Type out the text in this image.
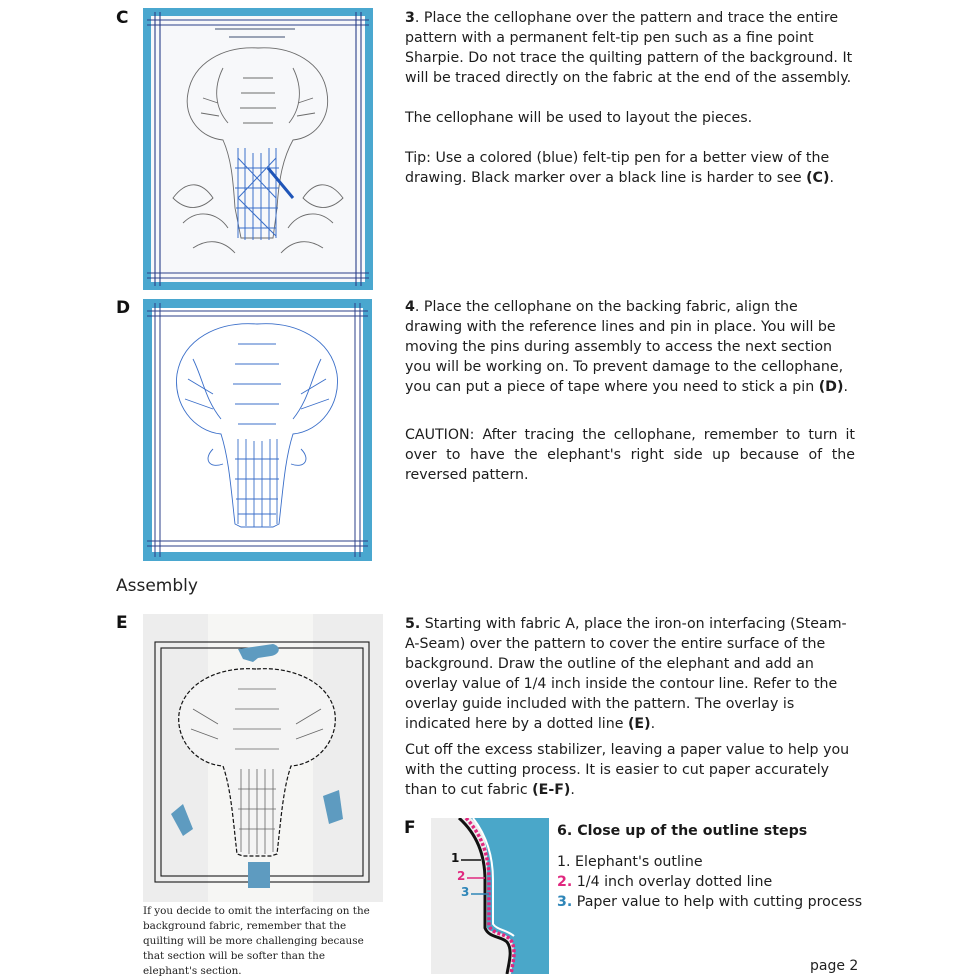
C	3. Place the cellophane over the pattern and trace the entire pattern with a permanent felt-tip pen such as a fine point Sharpie. Do not trace the quilting pattern of the background. It will be traced directly on the fabric at the end of the assembly.
The cellophane will be used to layout the pieces.
Tip: Use a colored (blue) felt-tip pen for a better view of the drawing. Black marker over a black line is harder to see (C).
D	4. Place the cellophane on the backing fabric, align the drawing with the reference lines and pin in place. You will be moving the pins during assembly to access the next section you will be working on. To prevent damage to the cellophane, you can put a piece of tape where you need to stick a pin (D).
CAUTION: After tracing the cellophane, remember to turn it over to have the elephant's right side up because of the reversed pattern.
Assembly
E
If you decide to omit the interfacing on the background fabric, remember that the quilting will be more challenging because that section will be softer than the elephant's section.
5. Starting with fabric A, place the iron-on interfacing (Steam-A-Seam) over the pattern to cover the entire surface of the background. Draw the outline of the elephant and add an overlay value of 1/4 inch inside the contour line. Refer to the overlay guide included with the pattern. The overlay is indicated here by a dotted line (E).
Cut off the excess stabilizer, leaving a paper value to help you with the cutting process. It is easier to cut paper accurately than to cut fabric (E-F).
F
1
2
3
6. Close up of the outline steps
1. Elephant's outline
2. 1/4 inch overlay dotted line
3. Paper value to help with cutting process
page 2
